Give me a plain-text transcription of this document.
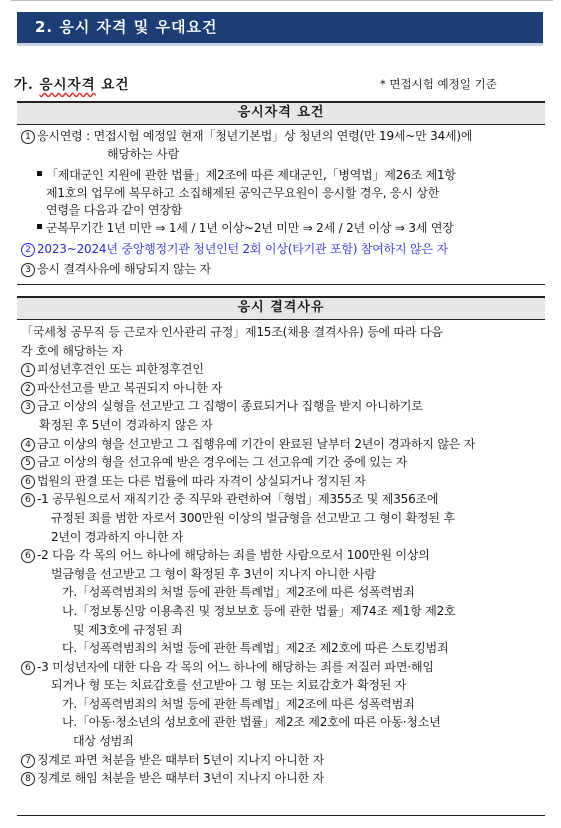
2. 응시 자격 및 우대요건
가. 응시자격 요건	* 면접시험 예정일 기준
응시자격 요건
1 응시연령 : 면접시험 예정일 현재「청년기본법」상 청년의 연령(만 19세~만 34세)에
해당하는 사람
「제대군인 지원에 관한 법률」제2조에 따른 제대군인,「병역법」제26조 제1항
제1호의 업무에 복무하고 소집해제된 공익근무요원이 응시할 경우, 응시 상한
연령을 다음과 같이 연장함
군복무기간 1년 미만 ⇒ 1세 / 1년 이상~2년 미만 ⇒ 2세 / 2년 이상 ⇒ 3세 연장
2 2023~2024년 중앙행정기관 청년인턴 2회 이상(타기관 포함) 참여하지 않은 자
3 응시 결격사유에 해당되지 않는 자
응시 결격사유
「국세청 공무직 등 근로자 인사관리 규정」제15조(채용 결격사유) 등에 따라 다음
각 호에 해당하는 자
1 피성년후견인 또는 피한정후견인
2 파산선고를 받고 복권되지 아니한 자
3 금고 이상의 실형을 선고받고 그 집행이 종료되거나 집행을 받지 아니하기로
확정된 후 5년이 경과하지 않은 자
4 금고 이상의 형을 선고받고 그 집행유예 기간이 완료된 날부터 2년이 경과하지 않은 자
5 금고 이상의 형을 선고유예 받은 경우에는 그 선고유예 기간 중에 있는 자
6 법원의 판결 또는 다른 법률에 따라 자격이 상실되거나 정지된 자
6 -1 공무원으로서 재직기간 중 직무와 관련하여「형법」제355조 및 제356조에
규정된 죄를 범한 자로서 300만원 이상의 벌금형을 선고받고 그 형이 확정된 후
2년이 경과하지 아니한 자
6 -2 다음 각 목의 어느 하나에 해당하는 죄를 범한 사람으로서 100만원 이상의
벌금형을 선고받고 그 형이 확정된 후 3년이 지나지 아니한 사람
가.「성폭력범죄의 처벌 등에 관한 특례법」제2조에 따른 성폭력범죄
나.「정보통신망 이용촉진 및 정보보호 등에 관한 법률」제74조 제1항 제2호
및 제3호에 규정된 죄
다.「성폭력범죄의 처벌 등에 관한 특례법」제2조 제2호에 따른 스토킹범죄
6 -3 미성년자에 대한 다음 각 목의 어느 하나에 해당하는 죄를 저질러 파면·해임
되거나 형 또는 치료감호를 선고받아 그 형 또는 치료감호가 확정된 자
가.「성폭력범죄의 처벌 등에 관한 특례법」제2조에 따른 성폭력범죄
나.「아동·청소년의 성보호에 관한 법률」제2조 제2호에 따른 아동·청소년
대상 성범죄
7 징계로 파면 처분을 받은 때부터 5년이 지나지 아니한 자
8 징계로 해임 처분을 받은 때부터 3년이 지나지 아니한 자
